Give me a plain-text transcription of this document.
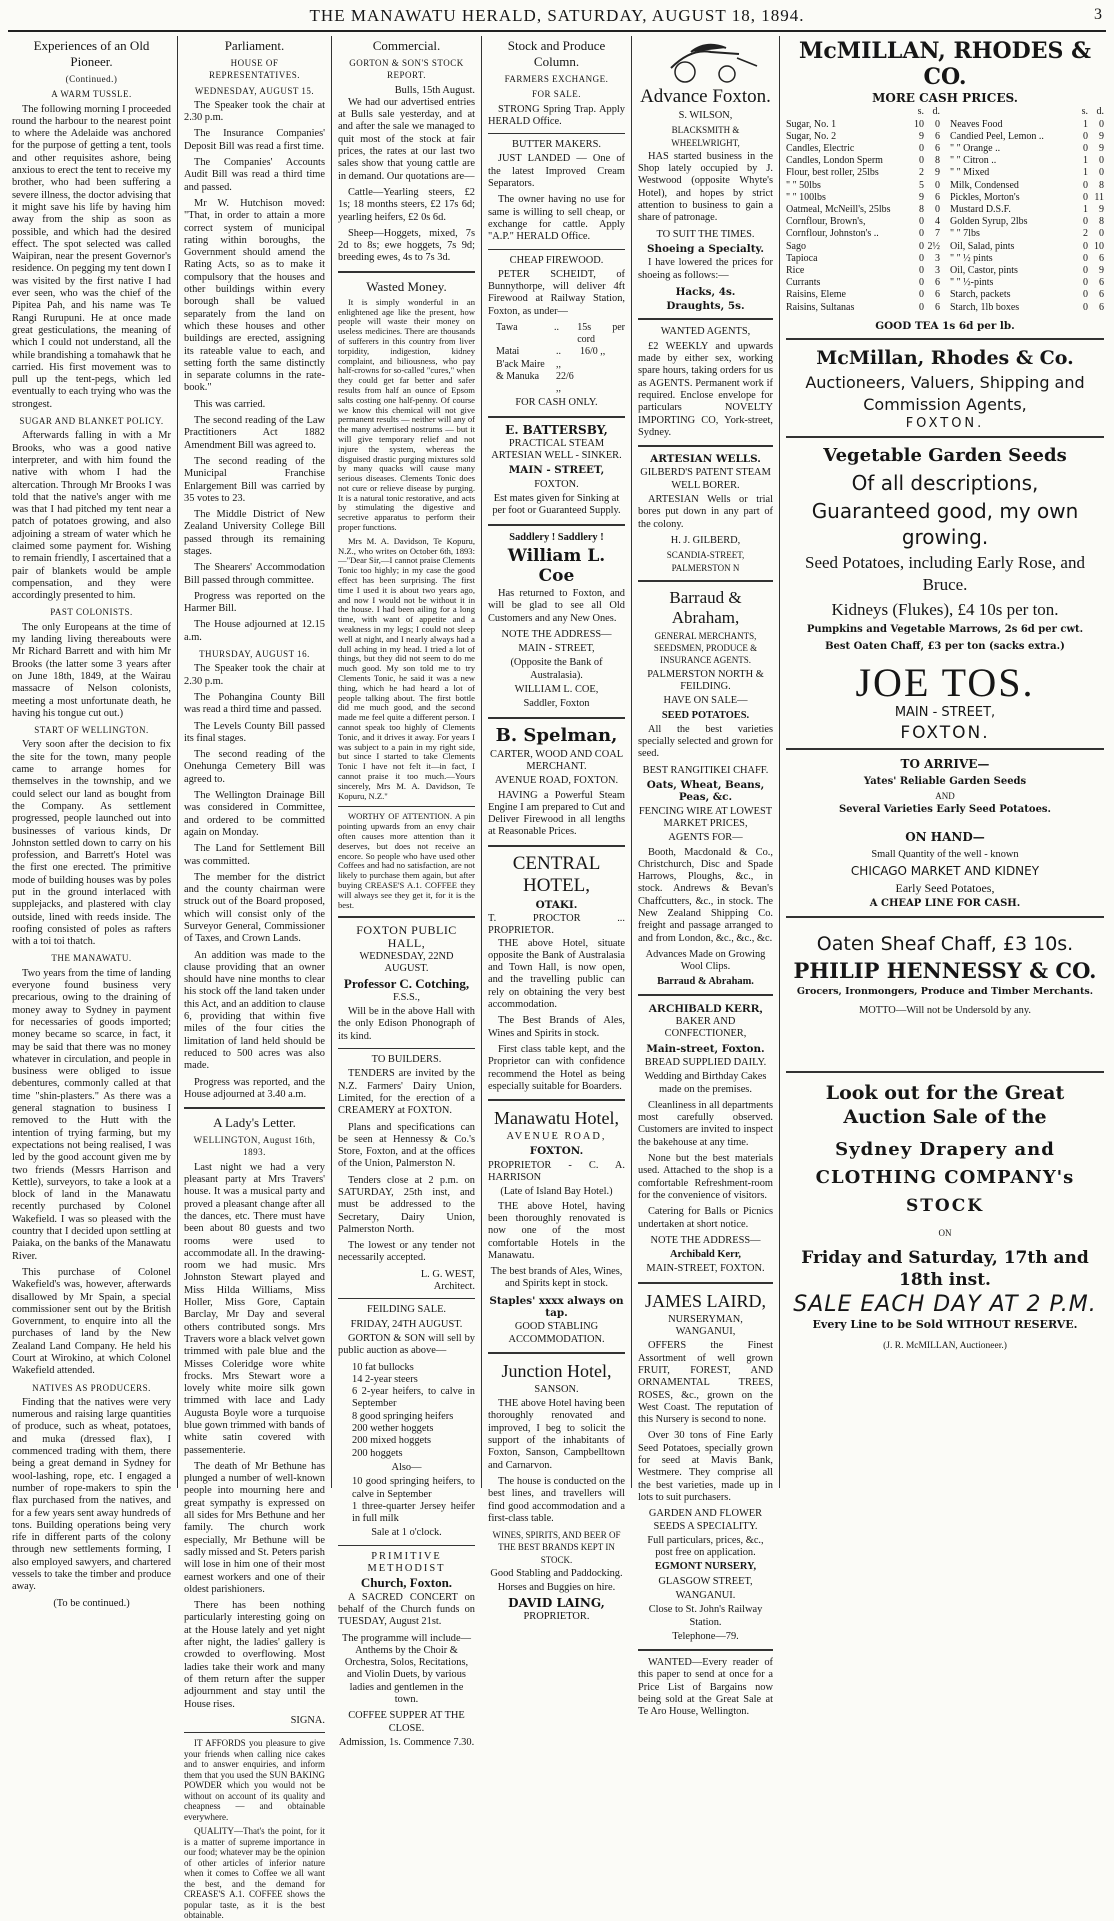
THE MANAWATU HERALD, SATURDAY, AUGUST 18, 1894.	3
Experiences of an Old Pioneer.
(Continued.)
A WARM TUSSLE.

The following morning I proceeded round the harbour to the nearest point to where the Adelaide was anchored for the purpose of getting a tent, tools and other requisites ashore, being anxious to erect the tent to receive my brother, who had been suffering a severe illness, the doctor advising that it might save his life by having him away from the ship as soon as possible, and which had the desired effect. The spot selected was called Waipiran, near the present Governor's residence. On pegging my tent down I was visited by the first native I had ever seen, who was the chief of the Pipitea Pah, and his name was Te Rangi Rurupuni. He at once made great gesticulations, the meaning of which I could not understand, all the while brandishing a tomahawk that he carried. His first movement was to pull up the tent-pegs, which led eventually to each trying who was the strongest.

SUGAR AND BLANKET POLICY.

Afterwards falling in with a Mr Brooks, who was a good native interpreter, and with him found the native with whom I had the altercation. Through Mr Brooks I was told that the native's anger with me was that I had pitched my tent near a patch of potatoes growing, and also adjoining a stream of water which he claimed some payment for. Wishing to remain friendly, I ascertained that a pair of blankets would be ample compensation, and they were accordingly presented to him.

PAST COLONISTS.

The only Europeans at the time of my landing living thereabouts were Mr Richard Barrett and with him Mr Brooks (the latter some 3 years after on June 18th, 1849, at the Wairau massacre of Nelson colonists, meeting a most unfortunate death, he having his tongue cut out.)

START OF WELLINGTON.

Very soon after the decision to fix the site for the town, many people came to arrange homes for themselves in the township, and we could select our land as bought from the Company. As settlement progressed, people launched out into businesses of various kinds, Dr Johnston settled down to carry on his profession, and Barrett's Hotel was the first one erected. The primitive mode of building houses was by poles put in the ground interlaced with supplejacks, and plastered with clay outside, lined with reeds inside. The roofing consisted of poles as rafters with a toi toi thatch.

THE MANAWATU.

Two years from the time of landing everyone found business very precarious, owing to the draining of money away to Sydney in payment for necessaries of goods imported; money became so scarce, in fact, it may be said that there was no money whatever in circulation, and people in business were obliged to issue debentures, commonly called at that time "shin-plasters." As there was a general stagnation to business I removed to the Hutt with the intention of trying farming, but my expectations not being realised, I was led by the good account given me by two friends (Messrs Harrison and Kettle), surveyors, to take a look at a block of land in the Manawatu recently purchased by Colonel Wakefield. I was so pleased with the country that I decided upon settling at Paiaka, on the banks of the Manawatu River.

This purchase of Colonel Wakefield's was, however, afterwards disallowed by Mr Spain, a special commissioner sent out by the British Government, to enquire into all the purchases of land by the New Zealand Land Company. He held his Court at Wirokino, at which Colonel Wakefield attended.

NATIVES AS PRODUCERS.

Finding that the natives were very numerous and raising large quantities of produce, such as wheat, potatoes, and muka (dressed flax), I commenced trading with them, there being a great demand in Sydney for wool-lashing, rope, etc. I engaged a number of rope-makers to spin the flax purchased from the natives, and for a few years sent away hundreds of tons. Building operations being very rife in different parts of the colony through new settlements forming, I also employed sawyers, and chartered vessels to take the timber and produce away.

(To be continued.)
Parliament.
HOUSE OF REPRESENTATIVES.
WEDNESDAY, AUGUST 15.

The Speaker took the chair at 2.30 p.m.

The Insurance Companies' Deposit Bill was read a first time.

The Companies' Accounts Audit Bill was read a third time and passed.

Mr W. Hutchison moved: "That, in order to attain a more correct system of municipal rating within boroughs, the Government should amend the Rating Acts, so as to make it compulsory that the houses and other buildings within every borough shall be valued separately from the land on which these houses and other buildings are erected, assigning its rateable value to each, and setting forth the same distinctly in separate columns in the rate-book."

This was carried.

The second reading of the Law Practitioners Act 1882 Amendment Bill was agreed to.

The second reading of the Municipal Franchise Enlargement Bill was carried by 35 votes to 23.

The Middle District of New Zealand University College Bill passed through its remaining stages.

The Shearers' Accommodation Bill passed through committee.

Progress was reported on the Harmer Bill.

The House adjourned at 12.15 a.m.

THURSDAY, AUGUST 16.

The Speaker took the chair at 2.30 p.m.

The Pohangina County Bill was read a third time and passed.

The Levels County Bill passed its final stages.

The second reading of the Onehunga Cemetery Bill was agreed to.

The Wellington Drainage Bill was considered in Committee, and ordered to be committed again on Monday.

The Land for Settlement Bill was committed.

The member for the district and the county chairman were struck out of the Board proposed, which will consist only of the Surveyor General, Commissioner of Taxes, and Crown Lands.

An addition was made to the clause providing that an owner should have nine months to clear his stock off the land taken under this Act, and an addition to clause 6, providing that within five miles of the four cities the limitation of land held should be reduced to 500 acres was also made.

Progress was reported, and the House adjourned at 3.40 a.m.

A Lady's Letter.
WELLINGTON, August 16th, 1893.

Last night we had a very pleasant party at Mrs Travers' house. It was a musical party and proved a pleasant change after all the dances, etc. There must have been about 80 guests and two rooms were used to accommodate all. In the drawing-room we had music. Mrs Johnston Stewart played and Miss Hilda Williams, Miss Holler, Miss Gore, Captain Barclay, Mr Day and several others contributed songs. Mrs Travers wore a black velvet gown trimmed with pale blue and the Misses Coleridge wore white frocks. Mrs Stewart wore a lovely white moire silk gown trimmed with lace and Lady Augusta Boyle wore a turquoise blue gown trimmed with bands of white satin covered with passementerie.

The death of Mr Bethune has plunged a number of well-known people into mourning here and great sympathy is expressed on all sides for Mrs Bethune and her family. The church work especially, Mr Bethune will be sadly missed and St. Peters parish will lose in him one of their most earnest workers and one of their oldest parishioners.

There has been nothing particularly interesting going on at the House lately and yet night after night, the ladies' gallery is crowded to overflowing. Most ladies take their work and many of them return after the supper adjournment and stay until the House rises.

SIGNA.

IT AFFORDS you pleasure to give your friends when calling nice cakes and to answer enquiries, and inform them that you used the SUN BAKING POWDER which you would not be without on account of its quality and cheapness — and obtainable everywhere.

QUALITY—That's the point, for it is a matter of supreme importance in our food; whatever may be the opinion of other articles of inferior nature when it comes to Coffee we all want the best, and the demand for CREASE'S A.1. COFFEE shows the popular taste, as it is the best obtainable.

Commercial.
GORTON & SON'S STOCK REPORT.
Bulls, 15th August.

We had our advertised entries at Bulls sale yesterday, and at and after the sale we managed to quit most of the stock at fair prices, the rates at our last two sales show that young cattle are in demand. Our quotations are—

Cattle—Yearling steers, £2 1s; 18 months steers, £2 17s 6d; yearling heifers, £2 0s 6d.

Sheep—Hoggets, mixed, 7s 2d to 8s; ewe hoggets, 7s 9d; breeding ewes, 4s to 7s 3d.

Wasted Money.

It is simply wonderful in an enlightened age like the present, how people will waste their money on useless medicines. There are thousands of sufferers in this country from liver torpidity, indigestion, kidney complaint, and biliousness, who pay half-crowns for so-called "cures," when they could get far better and safer results from half an ounce of Epsom salts costing one half-penny. Of course we know this chemical will not give permanent results — neither will any of the many advertised nostrums — but it will give temporary relief and not injure the system, whereas the disguised drastic purging mixtures sold by many quacks will cause many serious diseases. Clements Tonic does not cure or relieve disease by purging. It is a natural tonic restorative, and acts by stimulating the digestive and secretive apparatus to perform their proper functions.

Mrs M. A. Davidson, Te Kopuru, N.Z., who writes on October 6th, 1893:—"Dear Sir,—I cannot praise Clements Tonic too highly; in my case the good effect has been surprising. The first time I used it is about two years ago, and now I would not be without it in the house. I had been ailing for a long time, with want of appetite and a weakness in my legs; I could not sleep well at night, and I nearly always had a dull aching in my head. I tried a lot of things, but they did not seem to do me much good. My son told me to try Clements Tonic, he said it was a new thing, which he had heard a lot of people talking about. The first bottle did me much good, and the second made me feel quite a different person. I cannot speak too highly of Clements Tonic, and it drives it away. For years I was subject to a pain in my right side, but since I started to take Clements Tonic I have not felt it—in fact, I cannot praise it too much.—Yours sincerely, Mrs M. A. Davidson, Te Kopuru, N.Z."

WORTHY OF ATTENTION. A pin pointing upwards from an envy chair often causes more attention than it deserves, but does not receive an encore. So people who have used other Coffees and had no satisfaction, are not likely to purchase them again, but after buying CREASE'S A.1. COFFEE they will always see they get it, for it is the best.

FOXTON PUBLIC HALL,
WEDNESDAY, 22ND AUGUST.
Professor C. Cotching,
F.S.S.,

Will be in the above Hall with the only Edison Phonograph of its kind.

TO BUILDERS.

TENDERS are invited by the N.Z. Farmers' Dairy Union, Limited, for the erection of a CREAMERY at FOXTON.

Plans and specifications can be seen at Hennessy & Co.'s Store, Foxton, and at the offices of the Union, Palmerston N.

Tenders close at 2 p.m. on SATURDAY, 25th inst, and must be addressed to the Secretary, Dairy Union, Palmerston North.

The lowest or any tender not necessarily accepted.

L. G. WEST,
Architect.
FEILDING SALE.
FRIDAY, 24TH AUGUST.

GORTON & SON will sell by public auction as above—

10 fat bullocks
14 2-year steers
6 2-year heifers, to calve in September
8 good springing heifers
200 wether hoggets
200 mixed hoggets
200 hoggets
Also—
10 good springing heifers, to calve in September
1 three-quarter Jersey heifer in full milk
Sale at 1 o'clock.
PRIMITIVE METHODIST
Church, Foxton.

A SACRED CONCERT on behalf of the Church funds on TUESDAY, August 21st.

The programme will include—Anthems by the Choir & Orchestra, Solos, Recitations, and Violin Duets, by various ladies and gentlemen in the town.

COFFEE SUPPER AT THE CLOSE.
Admission, 1s. Commence 7.30.
Stock and Produce Column.
FARMERS EXCHANGE.
FOR SALE.

STRONG Spring Trap. Apply HERALD Office.

BUTTER MAKERS.

JUST LANDED — One of the latest Improved Cream Separators.

The owner having no use for same is willing to sell cheap, or exchange for cattle. Apply "A.P." HERALD Office.

CHEAP FIREWOOD.

PETER SCHEIDT, of Bunnythorpe, will deliver 4ft Firewood at Railway Station, Foxton, as under—

Tawa	..	15s per cord
Matai	..	16/0 ,,
B'ack Maire	,,
& Manuka	22/6 ,,
FOR CASH ONLY.
E. BATTERSBY,
PRACTICAL STEAM ARTESIAN WELL - SINKER.
MAIN - STREET,
FOXTON.

Est mates given for Sinking at per foot or Guaranteed Supply.

Saddlery ! Saddlery !
William L. Coe

Has returned to Foxton, and will be glad to see all Old Customers and any New Ones.

NOTE THE ADDRESS—
MAIN - STREET,
(Opposite the Bank of Australasia).
WILLIAM L. COE,
Saddler, Foxton
B. Spelman,
CARTER, WOOD AND COAL MERCHANT.
AVENUE ROAD, FOXTON.

HAVING a Powerful Steam Engine I am prepared to Cut and Deliver Firewood in all lengths at Reasonable Prices.

CENTRAL HOTEL,
OTAKI.
T. PROCTOR ... PROPRIETOR.

THE above Hotel, situate opposite the Bank of Australasia and Town Hall, is now open, and the travelling public can rely on obtaining the very best accommodation.

The Best Brands of Ales, Wines and Spirits in stock.

First class table kept, and the Proprietor can with confidence recommend the Hotel as being especially suitable for Boarders.

Manawatu Hotel,
AVENUE ROAD,
FOXTON.
PROPRIETOR - C. A. HARRISON
(Late of Island Bay Hotel.)

THE above Hotel, having been thoroughly renovated is now one of the most comfortable Hotels in the Manawatu.

The best brands of Ales, Wines, and Spirits kept in stock.

Staples' xxxx always on tap.
GOOD STABLING ACCOMMODATION.
Junction Hotel,
SANSON.

THE above Hotel having been thoroughly renovated and improved, I beg to solicit the support of the inhabitants of Foxton, Sanson, Campbelltown and Carnarvon.

The house is conducted on the best lines, and travellers will find good accommodation and a first-class table.

WINES, SPIRITS, AND BEER OF THE BEST BRANDS KEPT IN STOCK.
Good Stabling and Paddocking.
Horses and Buggies on hire.
DAVID LAING,
PROPRIETOR.
Advance Foxton.
S. WILSON,
BLACKSMITH & WHEELWRIGHT,

HAS started business in the Shop lately occupied by J. Westwood (opposite Whyte's Hotel), and hopes by strict attention to business to gain a share of patronage.

TO SUIT THE TIMES.
Shoeing a Specialty.

I have lowered the prices for shoeing as follows:—

Hacks, 4s.
Draughts, 5s.
WANTED AGENTS,

£2 WEEKLY and upwards made by either sex, working spare hours, taking orders for us as AGENTS. Permanent work if required. Enclose envelope for particulars NOVELTY IMPORTING CO, York-street, Sydney.

ARTESIAN WELLS.
GILBERD'S PATENT STEAM WELL BORER.

ARTESIAN Wells or trial bores put down in any part of the colony.

H. J. GILBERD,
SCANDIA-STREET, PALMERSTON N
Barraud & Abraham,
GENERAL MERCHANTS, SEEDSMEN, PRODUCE & INSURANCE AGENTS.
PALMERSTON NORTH & FEILDING.
HAVE ON SALE—
SEED POTATOES.

All the best varieties specially selected and grown for seed.

BEST RANGITIKEI CHAFF.
Oats, Wheat, Beans, Peas, &c.
FENCING WIRE AT LOWEST MARKET PRICES,
AGENTS FOR—

Booth, Macdonald & Co., Christchurch, Disc and Spade Harrows, Ploughs, &c., in stock. Andrews & Bevan's Chaffcutters, &c., in stock. The New Zealand Shipping Co. freight and passage arranged to and from London, &c., &c., &c.

Advances Made on Growing Wool Clips.
Barraud & Abraham.
ARCHIBALD KERR,
BAKER AND CONFECTIONER,
Main-street, Foxton.
BREAD SUPPLIED DAILY.

Wedding and Birthday Cakes made on the premises.

Cleanliness in all departments most carefully observed. Customers are invited to inspect the bakehouse at any time.

None but the best materials used. Attached to the shop is a comfortable Refreshment-room for the convenience of visitors.

Catering for Balls or Picnics undertaken at short notice.

NOTE THE ADDRESS—
Archibald Kerr,
MAIN-STREET, FOXTON.
JAMES LAIRD,
NURSERYMAN, WANGANUI,

OFFERS the Finest Assortment of well grown FRUIT, FOREST, AND ORNAMENTAL TREES, ROSES, &c., grown on the West Coast. The reputation of this Nursery is second to none.

Over 30 tons of Fine Early Seed Potatoes, specially grown for seed at Mavis Bank, Westmere. They comprise all the best varieties, made up in lots to suit purchasers.

GARDEN AND FLOWER SEEDS A SPECIALITY.
Full particulars, prices, &c., post free on application.
EGMONT NURSERY,
GLASGOW STREET,
WANGANUI.
Close to St. John's Railway Station.
Telephone—79.

WANTED—Every reader of this paper to send at once for a Price List of Bargains now being sold at the Great Sale at Te Aro House, Wellington.

McMILLAN, RHODES & CO.
MORE CASH PRICES.
s. d.
Sugar, No. 1	10	0
Sugar, No. 2	9	6
Candles, Electric	0	6
Candles, London Sperm	0	8
Flour, best roller, 25lbs	2	9
" " 50lbs	5	0
" " 100lbs	9	6
Oatmeal, McNeill's, 25lbs	8	0
Cornflour, Brown's,	0	4
Cornflour, Johnston's ..	0	7
Sago	0 2½
Tapioca	0	3
Rice	0	3
Currants	0	6
Raisins, Eleme	0	6
Raisins, Sultanas	0	6
s. d.
Neaves Food	1	0
Candied Peel, Lemon ..	0	9
" " Orange ..	0	9
" " Citron ..	1	0
" " Mixed	1	0
Milk, Condensed	0	8
Pickles, Morton's	0 11
Mustard D.S.F.	1	9
Golden Syrup, 2lbs	0	8
" " 7lbs	2	0
Oil, Salad, pints	0 10
" " ½ pints	0	6
Oil, Castor, pints	0	9
" " ½-pints	0	6
Starch, packets	0	6
Starch, 1lb boxes	0	6
GOOD TEA 1s 6d per lb.
McMillan, Rhodes & Co.
Auctioneers, Valuers, Shipping and Commission Agents,
FOXTON.
Vegetable Garden Seeds
Of all descriptions,
Guaranteed good, my own growing.
Seed Potatoes, including Early Rose, and Bruce.
Kidneys (Flukes), £4 10s per ton.
Pumpkins and Vegetable Marrows, 2s 6d per cwt.
Best Oaten Chaff, £3 per ton (sacks extra.)
JOE TOS.
MAIN - STREET,
FOXTON.
TO ARRIVE—
Yates' Reliable Garden Seeds
AND
Several Varieties Early Seed Potatoes.
ON HAND—
Small Quantity of the well - known
CHICAGO MARKET AND KIDNEY
Early Seed Potatoes,
A CHEAP LINE FOR CASH.
Oaten Sheaf Chaff, £3 10s.
PHILIP HENNESSY & CO.
Grocers, Ironmongers, Produce and Timber Merchants.
MOTTO—Will not be Undersold by any.
Look out for the Great Auction Sale of the
Sydney Drapery and
CLOTHING COMPANY's
STOCK
ON
Friday and Saturday, 17th and 18th inst.
SALE EACH DAY AT 2 P.M.
Every Line to be Sold WITHOUT RESERVE.
(J. R. McMILLAN, Auctioneer.)
